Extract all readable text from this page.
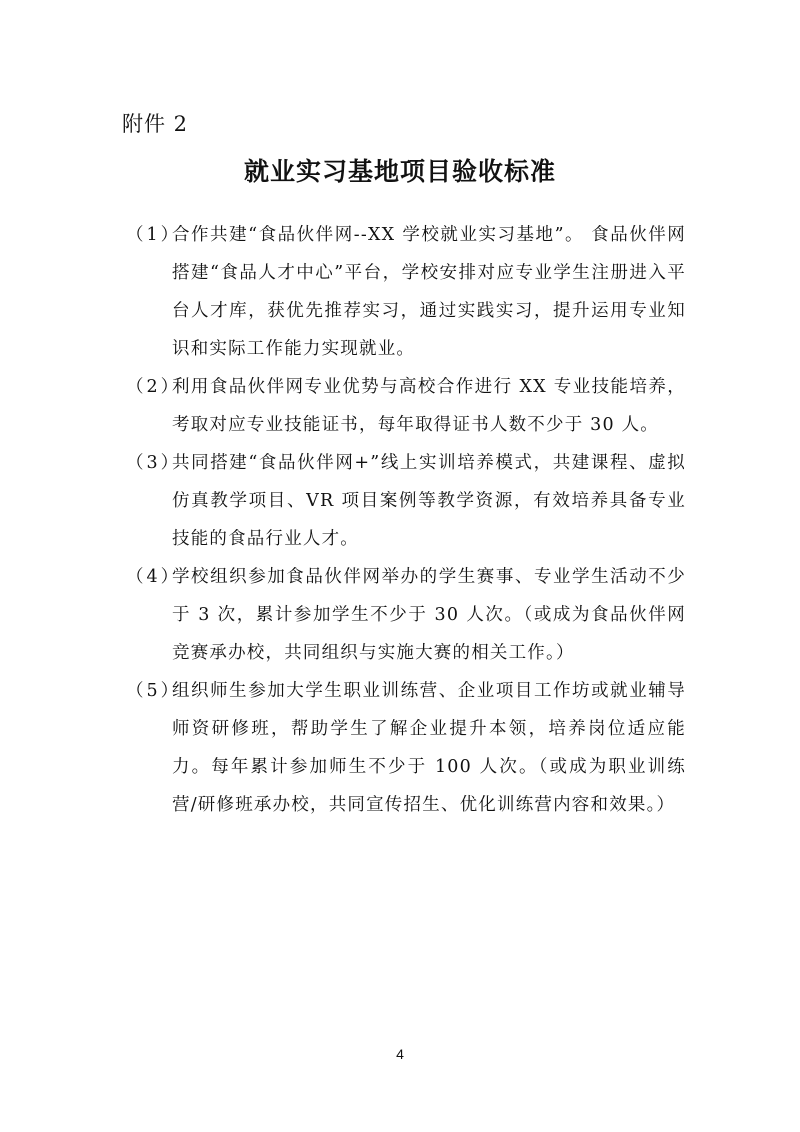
附件 2
就业实习基地项目验收标准
（1）
合作共建“食品伙伴网--XX 学校就业实习基地”。 食品伙伴网搭建“食品人才中心”平台，学校安排对应专业学生注册进入平台人才库，获优先推荐实习，通过实践实习，提升运用专业知识和实际工作能力实现就业。
（2）
利用食品伙伴网专业优势与高校合作进行 XX 专业技能培养，考取对应专业技能证书，每年取得证书人数不少于 30 人。
（3）
共同搭建“食品伙伴网+”线上实训培养模式，共建课程、虚拟仿真教学项目、VR 项目案例等教学资源，有效培养具备专业技能的食品行业人才。
（4）
学校组织参加食品伙伴网举办的学生赛事、专业学生活动不少于 3 次，累计参加学生不少于 30 人次。（或成为食品伙伴网竞赛承办校，共同组织与实施大赛的相关工作。）
（5）
组织师生参加大学生职业训练营、企业项目工作坊或就业辅导师资研修班，帮助学生了解企业提升本领，培养岗位适应能力。每年累计参加师生不少于 100 人次。（或成为职业训练营/研修班承办校，共同宣传招生、优化训练营内容和效果。）
4
